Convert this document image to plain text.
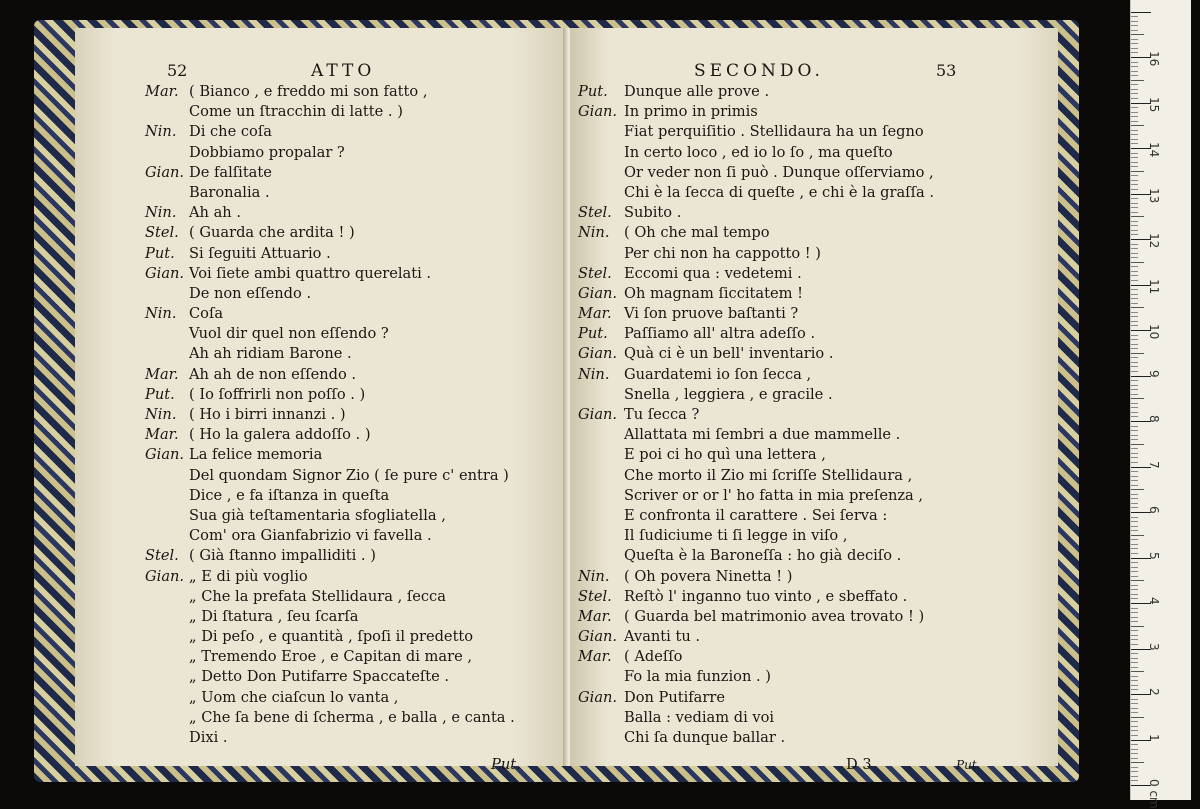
52	ATTO
Mar. ( Bianco , e freddo mi son fatto ,
Come un ſtracchin di latte . )
Nin. Di che coſa
Dobbiamo propalar ?
Gian. De falſitate
Baronalia .
Nin. Ah ah .
Stel. ( Guarda che ardita ! )
Put. Si ſeguiti Attuario .
Gian. Voi ſiete ambi quattro querelati .
De non eſſendo .
Nin. Coſa
Vuol dir quel non eſſendo ?
Ah ah ridiam Barone .
Mar. Ah ah de non eſſendo .
Put. ( Io ſoffrirli non poſſo . )
Nin. ( Ho i birri innanzi . )
Mar. ( Ho la galera addoſſo . )
Gian. La felice memoria
Del quondam Signor Zio ( ſe pure c' entra )
Dice , e fa iſtanza in queſta
Sua già teſtamentaria sfogliatella ,
Com' ora Gianfabrizio vi favella .
Stel. ( Già ſtanno impalliditi . )
Gian. „ E di più voglio
„ Che la prefata Stellidaura , ſecca
„ Di ſtatura , ſeu ſcarſa
„ Di peſo , e quantità , ſpoſi il predetto
„ Tremendo Eroe , e Capitan di mare ,
„ Detto Don Putifarre Spaccateſte .
„ Uom che ciaſcun lo vanta ,
„ Che ſa bene di ſcherma , e balla , e canta .
Dixi .
Put.
SECONDO.	53
Put. Dunque alle prove .
Gian. In primo in primis
Fiat perquiſitio . Stellidaura ha un ſegno
In certo loco , ed io lo ſo , ma queſto
Or veder non ſi può . Dunque oſſerviamo ,
Chi è la ſecca di queſte , e chi è la graſſa .
Stel. Subito .
Nin. ( Oh che mal tempo
Per chi non ha cappotto ! )
Stel. Eccomi qua : vedetemi .
Gian. Oh magnam ſiccitatem !
Mar. Vi ſon pruove baſtanti ?
Put. Paſſiamo all' altra adeſſo .
Gian. Quà ci è un bell' inventario .
Nin. Guardatemi io ſon ſecca ,
Snella , leggiera , e gracile .
Gian. Tu ſecca ?
Allattata mi ſembri a due mammelle .
E poi ci ho quì una lettera ,
Che morto il Zio mi ſcriſſe Stellidaura ,
Scriver or or l' ho fatta in mia preſenza ,
E confronta il carattere . Sei ſerva :
Il ſudiciume ti ſi legge in viſo ,
Queſta è la Baroneſſa : ho già deciſo .
Nin. ( Oh povera Ninetta ! )
Stel. Reſtò l' inganno tuo vinto , e sbeffato .
Mar. ( Guarda bel matrimonio avea trovato ! )
Gian. Avanti tu .
Mar. ( Adeſſo
Fo la mia funzion . )
Gian. Don Putifarre
Balla : vediam di voi
Chi ſa dunque ballar .
D 3	Put.
0 cm
1
2
3
4
5
6
7
8
9
10
11
12
13
14
15
16
